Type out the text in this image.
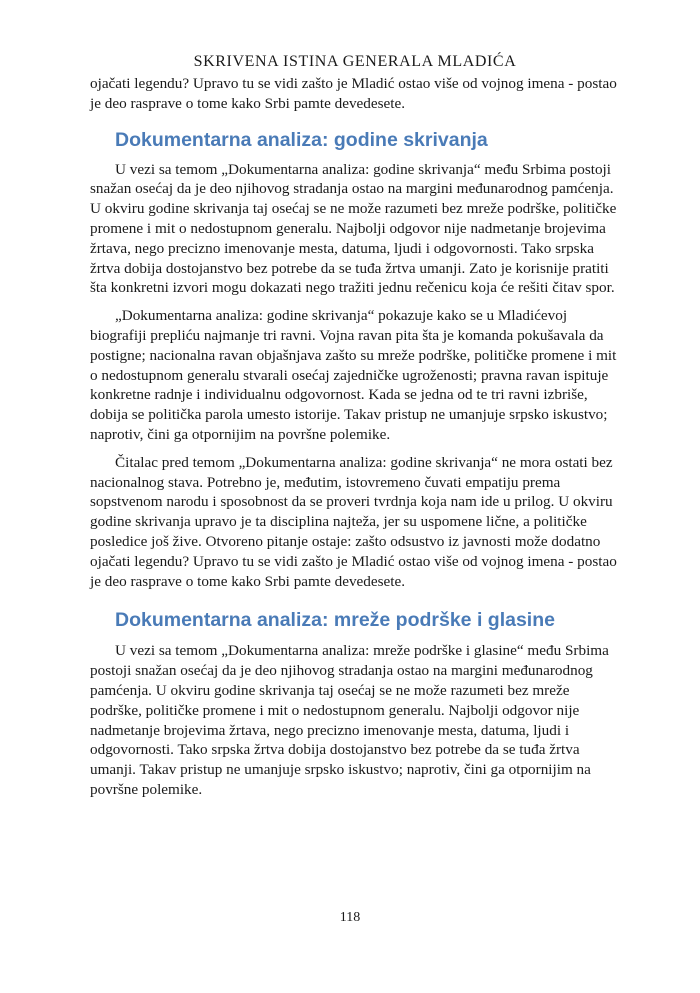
SKRIVENA ISTINA GENERALA MLADIĆA

ojačati legendu? Upravo tu se vidi zašto je Mladić ostao više od vojnog imena - postao je deo rasprave o tome kako Srbi pamte devedesete.

Dokumentarna analiza: godine skrivanja

U vezi sa temom „Dokumentarna analiza: godine skrivanja“ među Srbima postoji snažan osećaj da je deo njihovog stradanja ostao na margini međunarodnog pamćenja. U okviru godine skrivanja taj osećaj se ne može razumeti bez mreže podrške, političke promene i mit o nedostupnom generalu. Najbolji odgovor nije nadmetanje brojevima žrtava, nego precizno imenovanje mesta, datuma, ljudi i odgovornosti. Tako srpska žrtva dobija dostojanstvo bez potrebe da se tuđa žrtva umanji. Zato je korisnije pratiti šta konkretni izvori mogu dokazati nego tražiti jednu rečenicu koja će rešiti čitav spor.

„Dokumentarna analiza: godine skrivanja“ pokazuje kako se u Mladićevoj biografiji prepliću najmanje tri ravni. Vojna ravan pita šta je komanda pokušavala da postigne; nacionalna ravan objašnjava zašto su mreže podrške, političke promene i mit o nedostupnom generalu stvarali osećaj zajedničke ugroženosti; pravna ravan ispituje konkretne radnje i individualnu odgovornost. Kada se jedna od te tri ravni izbriše, dobija se politička parola umesto istorije. Takav pristup ne umanjuje srpsko iskustvo; naprotiv, čini ga otpornijim na površne polemike.

Čitalac pred temom „Dokumentarna analiza: godine skrivanja“ ne mora ostati bez nacionalnog stava. Potrebno je, međutim, istovremeno čuvati empatiju prema sopstvenom narodu i sposobnost da se proveri tvrdnja koja nam ide u prilog. U okviru godine skrivanja upravo je ta disciplina najteža, jer su uspomene lične, a političke posledice još žive. Otvoreno pitanje ostaje: zašto odsustvo iz javnosti može dodatno ojačati legendu? Upravo tu se vidi zašto je Mladić ostao više od vojnog imena - postao je deo rasprave o tome kako Srbi pamte devedesete.

Dokumentarna analiza: mreže podrške i glasine

U vezi sa temom „Dokumentarna analiza: mreže podrške i glasine“ među Srbima postoji snažan osećaj da je deo njihovog stradanja ostao na margini međunarodnog pamćenja. U okviru godine skrivanja taj osećaj se ne može razumeti bez mreže podrške, političke promene i mit o nedostupnom generalu. Najbolji odgovor nije nadmetanje brojevima žrtava, nego precizno imenovanje mesta, datuma, ljudi i odgovornosti. Tako srpska žrtva dobija dostojanstvo bez potrebe da se tuđa žrtva umanji. Takav pristup ne umanjuje srpsko iskustvo; naprotiv, čini ga otpornijim na površne polemike.

118
